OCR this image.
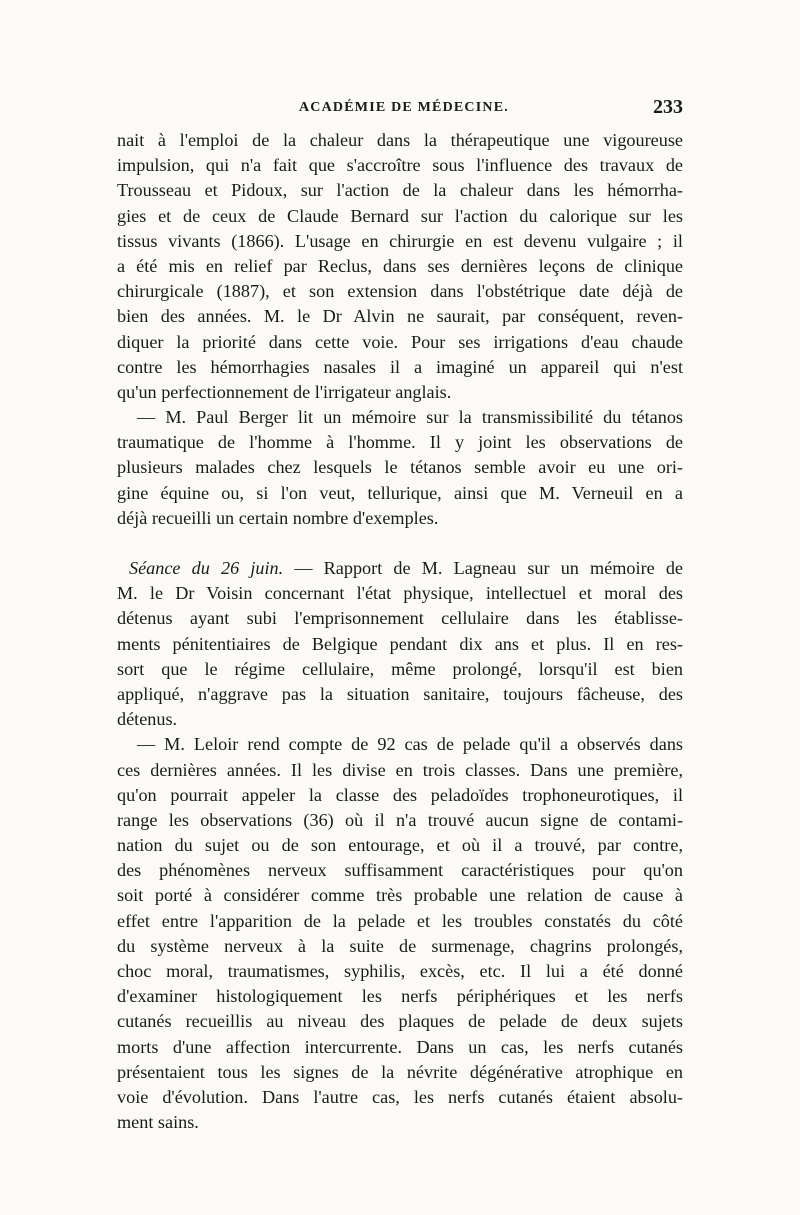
ACADÉMIE DE MÉDECINE.	233
nait à l'emploi de la chaleur dans la thérapeutique une vigoureuse
impulsion, qui n'a fait que s'accroître sous l'influence des travaux de
Trousseau et Pidoux, sur l'action de la chaleur dans les hémorrha-
gies et de ceux de Claude Bernard sur l'action du calorique sur les
tissus vivants (1866). L'usage en chirurgie en est devenu vulgaire ; il
a été mis en relief par Reclus, dans ses dernières leçons de clinique
chirurgicale (1887), et son extension dans l'obstétrique date déjà de
bien des années. M. le Dr Alvin ne saurait, par conséquent, reven-
diquer la priorité dans cette voie. Pour ses irrigations d'eau chaude
contre les hémorrhagies nasales il a imaginé un appareil qui n'est
qu'un perfectionnement de l'irrigateur anglais.
— M. Paul Berger lit un mémoire sur la transmissibilité du tétanos
traumatique de l'homme à l'homme. Il y joint les observations de
plusieurs malades chez lesquels le tétanos semble avoir eu une ori-
gine équine ou, si l'on veut, tellurique, ainsi que M. Verneuil en a
déjà recueilli un certain nombre d'exemples.
Séance du 26 juin. — Rapport de M. Lagneau sur un mémoire de
M. le Dr Voisin concernant l'état physique, intellectuel et moral des
détenus ayant subi l'emprisonnement cellulaire dans les établisse-
ments pénitentiaires de Belgique pendant dix ans et plus. Il en res-
sort que le régime cellulaire, même prolongé, lorsqu'il est bien
appliqué, n'aggrave pas la situation sanitaire, toujours fâcheuse, des
détenus.
— M. Leloir rend compte de 92 cas de pelade qu'il a observés dans
ces dernières années. Il les divise en trois classes. Dans une première,
qu'on pourrait appeler la classe des peladoïdes trophoneurotiques, il
range les observations (36) où il n'a trouvé aucun signe de contami-
nation du sujet ou de son entourage, et où il a trouvé, par contre,
des phénomènes nerveux suffisamment caractéristiques pour qu'on
soit porté à considérer comme très probable une relation de cause à
effet entre l'apparition de la pelade et les troubles constatés du côté
du système nerveux à la suite de surmenage, chagrins prolongés,
choc moral, traumatismes, syphilis, excès, etc. Il lui a été donné
d'examiner histologiquement les nerfs périphériques et les nerfs
cutanés recueillis au niveau des plaques de pelade de deux sujets
morts d'une affection intercurrente. Dans un cas, les nerfs cutanés
présentaient tous les signes de la névrite dégénérative atrophique en
voie d'évolution. Dans l'autre cas, les nerfs cutanés étaient absolu-
ment sains.
